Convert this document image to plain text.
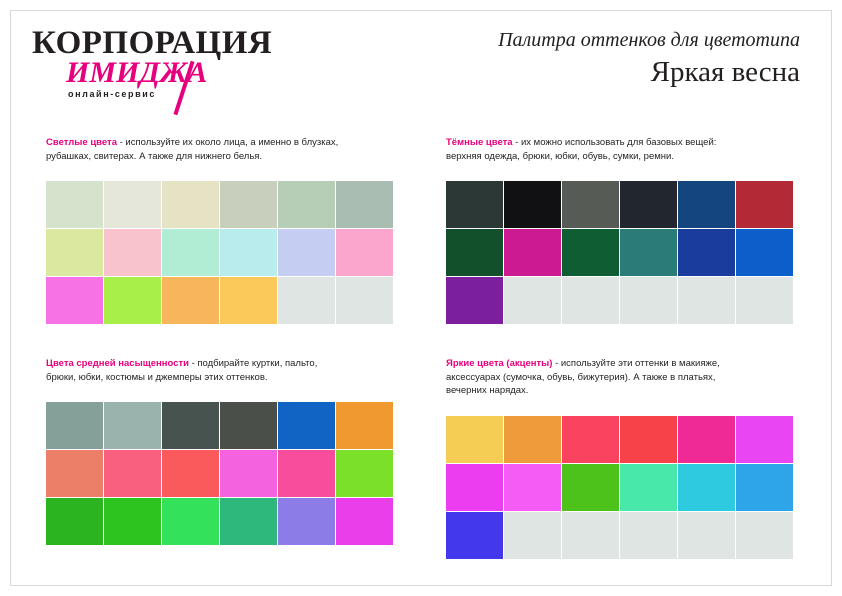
КОРПОРАЦИЯ
ИМИДЖА
онлайн-сервис
Палитра оттенков для цветотипа
Яркая весна
Светлые цвета - используйте их около лица, а именно в блузках, рубашках, свитерах. А также для нижнего белья.
Тёмные цвета - их можно использовать для базовых вещей: верхняя одежда, брюки, юбки, обувь, сумки, ремни.
Цвета средней насыщенности - подбирайте куртки, пальто, брюки, юбки, костюмы и джемперы этих оттенков.
Яркие цвета (акценты) - используйте эти оттенки в макияже, аксессуарах (сумочка, обувь, бижутерия). А также в платьях, вечерних нарядах.
